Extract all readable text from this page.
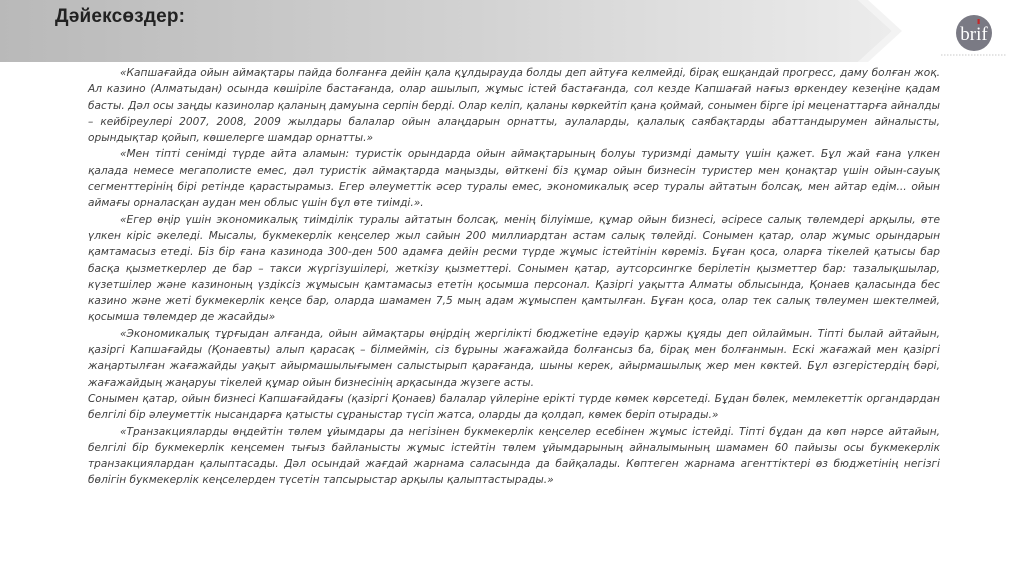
Дәйексөздер:
brif

«Капшағайда ойын аймақтары пайда болғанға дейін қала құлдырауда болды деп айтуға келмейді, бірақ ешқандай прогресс, даму болған жоқ. Ал казино (Алматыдан) осында көшіріле бастағанда, олар ашылып, жұмыс істей бастағанда, сол кезде Капшағай нағыз өркендеу кезеңіне қадам басты. Дәл осы заңды казинолар қаланың дамуына серпін берді. Олар келіп, қаланы көркейтіп қана қоймай, сонымен бірге ірі меценаттарға айналды – кейбіреулері 2007, 2008, 2009 жылдары балалар ойын алаңдарын орнатты, аулаларды, қалалық саябақтарды абаттандырумен айналысты, орындықтар қойып, көшелерге шамдар орнатты.»

«Мен тіпті сенімді түрде айта аламын: туристік орындарда ойын аймақтарының болуы туризмді дамыту үшін қажет. Бұл жай ғана үлкен қалада немесе мегаполисте емес, дәл туристік аймақтарда маңызды, өйткені біз құмар ойын бизнесін туристер мен қонақтар үшін ойын-сауық сегменттерінің бірі ретінде қарастырамыз. Егер әлеуметтік әсер туралы емес, экономикалық әсер туралы айтатын болсақ, мен айтар едім... ойын аймағы орналасқан аудан мен облыс үшін бұл өте тиімді.».

«Егер өңір үшін экономикалық тиімділік туралы айтатын болсақ, менің білуімше, құмар ойын бизнесі, әсіресе салық төлемдері арқылы, өте үлкен кіріс әкеледі. Мысалы, букмекерлік кеңселер жыл сайын 200 миллиардтан астам салық төлейді. Сонымен қатар, олар жұмыс орындарын қамтамасыз етеді. Біз бір ғана казинода 300-ден 500 адамға дейін ресми түрде жұмыс істейтінін көреміз. Бұған қоса, оларға тікелей қатысы бар басқа қызметкерлер де бар – такси жүргізушілері, жеткізу қызметтері. Сонымен қатар, аутсорсингке берілетін қызметтер бар: тазалықшылар, күзетшілер және казиноның үздіксіз жұмысын қамтамасыз ететін қосымша персонал. Қазіргі уақытта Алматы облысында, Қонаев қаласында бес казино және жеті букмекерлік кеңсе бар, оларда шамамен 7,5 мың адам жұмыспен қамтылған. Бұған қоса, олар тек салық төлеумен шектелмей, қосымша төлемдер де жасайды»

«Экономикалық тұрғыдан алғанда, ойын аймақтары өңірдің жергілікті бюджетіне едәуір қаржы құяды деп ойлаймын. Тіпті былай айтайын, қазіргі Капшағайды (Қонаевты) алып қарасақ – білмеймін, сіз бұрыны жағажайда болғансыз ба, бірақ мен болғанмын. Ескі жағажай мен қазіргі жаңартылған жағажайды уақыт айырмашылығымен салыстырып қарағанда, шыны керек, айырмашылық жер мен көктей. Бұл өзгерістердің бәрі, жағажайдың жаңаруы тікелей құмар ойын бизнесінің арқасында жүзеге асты.

Сонымен қатар, ойын бизнесі Капшағайдағы (қазіргі Қонаев) балалар үйлеріне ерікті түрде көмек көрсетеді. Бұдан бөлек, мемлекеттік органдардан белгілі бір әлеуметтік нысандарға қатысты сұраныстар түсіп жатса, оларды да қолдап, көмек беріп отырады.»

«Транзакцияларды өңдейтін төлем ұйымдары да негізінен букмекерлік кеңселер есебінен жұмыс істейді. Тіпті бұдан да көп нәрсе айтайын, белгілі бір букмекерлік кеңсемен тығыз байланысты жұмыс істейтін төлем ұйымдарының айналымының шамамен 60 пайызы осы букмекерлік транзакциялардан қалыптасады. Дәл осындай жағдай жарнама саласында да байқалады. Көптеген жарнама агенттіктері өз бюджетінің негізгі бөлігін букмекерлік кеңселерден түсетін тапсырыстар арқылы қалыптастырады.»
